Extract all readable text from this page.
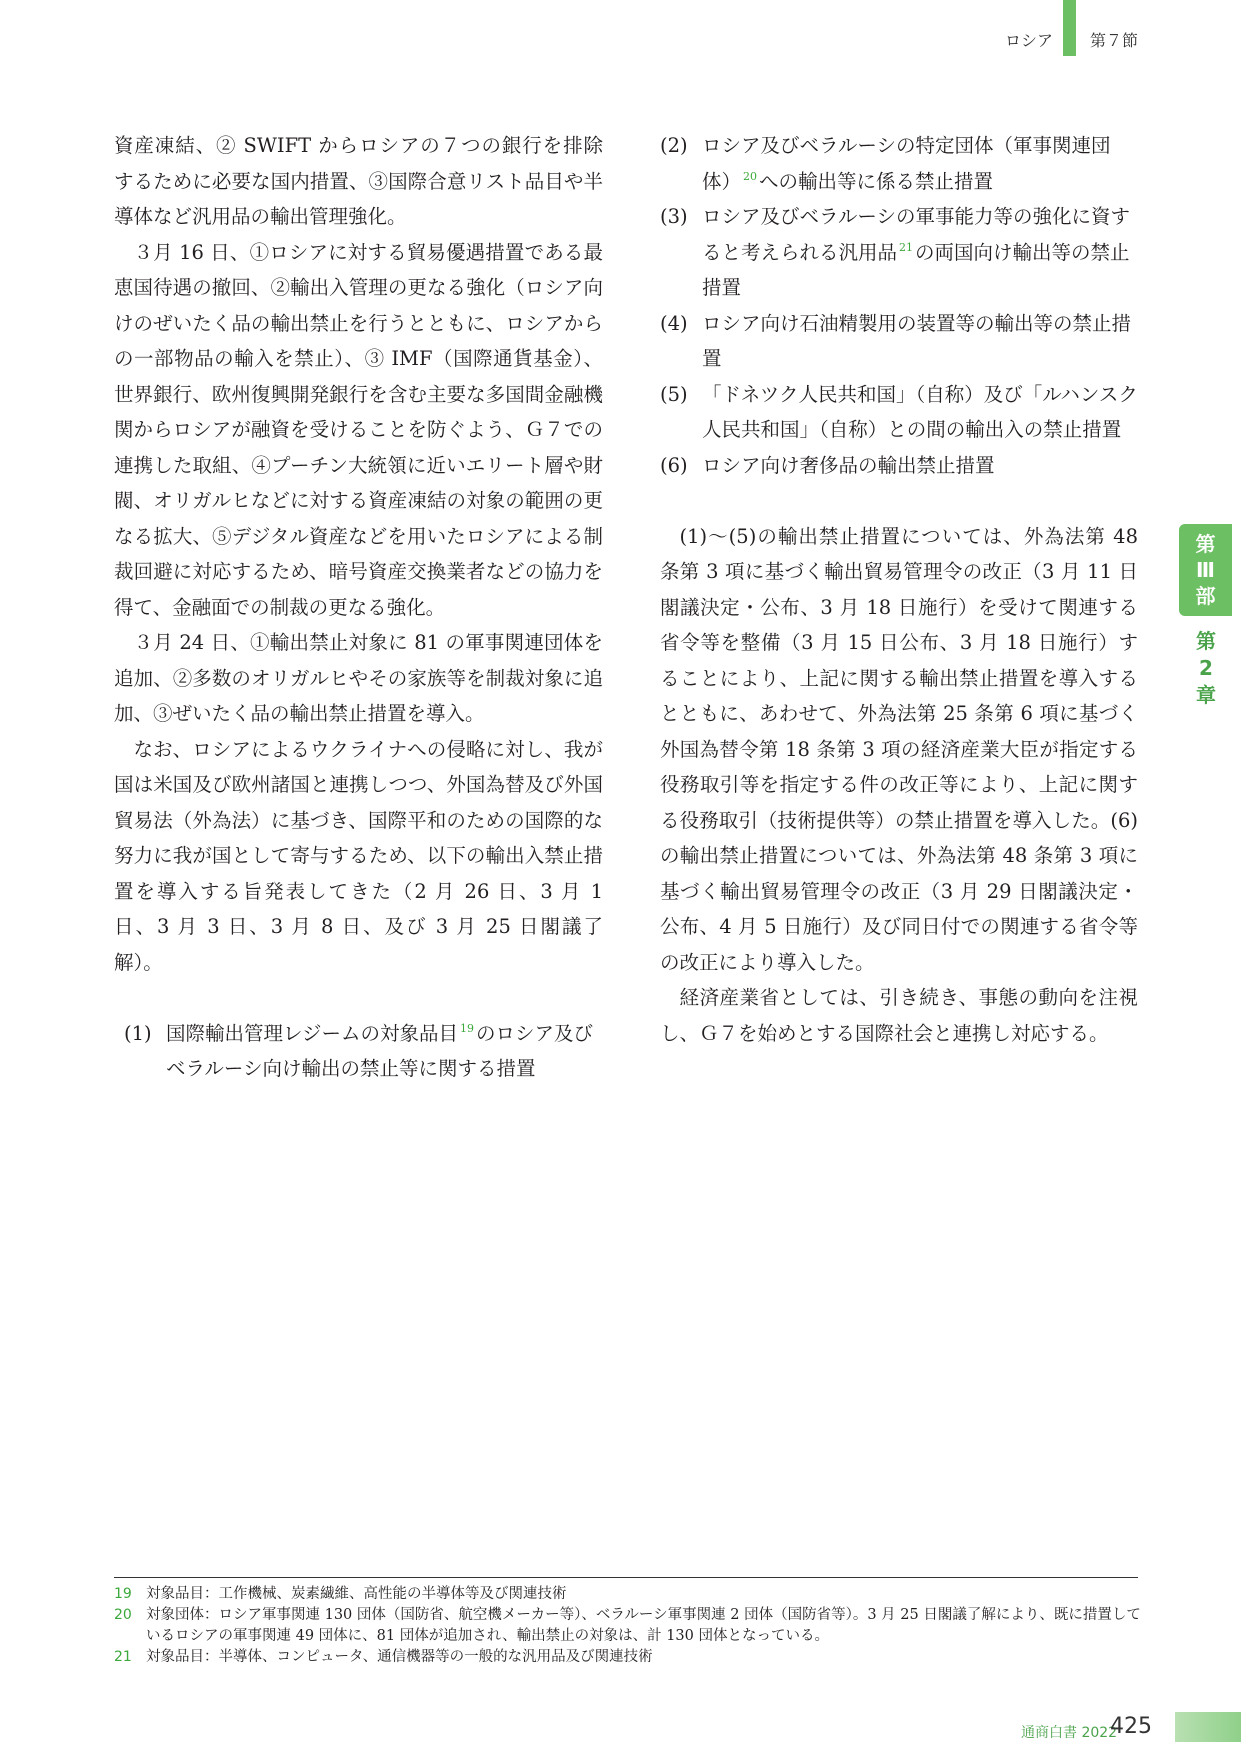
ロシア 第７節

資産凍結、② SWIFT からロシアの７つの銀行を排除するために必要な国内措置、③国際合意リスト品目や半導体など汎用品の輸出管理強化。

３月 16 日、①ロシアに対する貿易優遇措置である最恵国待遇の撤回、②輸出入管理の更なる強化（ロシア向けのぜいたく品の輸出禁止を行うとともに、ロシアからの一部物品の輸入を禁止）、③ IMF（国際通貨基金）、世界銀行、欧州復興開発銀行を含む主要な多国間金融機関からロシアが融資を受けることを防ぐよう、Ｇ７での連携した取組、④プーチン大統領に近いエリート層や財閥、オリガルヒなどに対する資産凍結の対象の範囲の更なる拡大、⑤デジタル資産などを用いたロシアによる制裁回避に対応するため、暗号資産交換業者などの協力を得て、金融面での制裁の更なる強化。

３月 24 日、①輸出禁止対象に 81 の軍事関連団体を追加、②多数のオリガルヒやその家族等を制裁対象に追加、③ぜいたく品の輸出禁止措置を導入。

なお、ロシアによるウクライナへの侵略に対し、我が国は米国及び欧州諸国と連携しつつ、外国為替及び外国貿易法（外為法）に基づき、国際平和のための国際的な努力に我が国として寄与するため、以下の輸出入禁止措置を導入する旨発表してきた（2 月 26 日、3 月 1 日、3 月 3 日、3 月 8 日、及び 3 月 25 日閣議了解）。

(1) 国際輸出管理レジームの対象品目 $^{19}$ のロシア及びベラルーシ向け輸出の禁止等に関する措置
(2) ロシア及びベラルーシの特定団体（軍事関連団体） $^{20}$ への輸出等に係る禁止措置
(3) ロシア及びベラルーシの軍事能力等の強化に資すると考えられる汎用品 $^{21}$ の両国向け輸出等の禁止措置
(4) ロシア向け石油精製用の装置等の輸出等の禁止措置
(5) 「ドネツク人民共和国」（自称）及び「ルハンスク人民共和国」（自称）との間の輸出入の禁止措置
(6) ロシア向け奢侈品の輸出禁止措置

(1)～(5)の輸出禁止措置については、外為法第 48 条第 3 項に基づく輸出貿易管理令の改正（3 月 11 日閣議決定・公布、3 月 18 日施行）を受けて関連する省令等を整備（3 月 15 日公布、3 月 18 日施行）することにより、上記に関する輸出禁止措置を導入するとともに、あわせて、外為法第 25 条第 6 項に基づく外国為替令第 18 条第 3 項の経済産業大臣が指定する役務取引等を指定する件の改正等により、上記に関する役務取引（技術提供等）の禁止措置を導入した。(6)の輸出禁止措置については、外為法第 48 条第 3 項に基づく輸出貿易管理令の改正（3 月 29 日閣議決定・公布、4 月 5 日施行）及び同日付での関連する省令等の改正により導入した。

経済産業省としては、引き続き、事態の動向を注視し、Ｇ７を始めとする国際社会と連携し対応する。

第
Ⅲ
部
第
2
章
19 対象品目：工作機械、炭素繊維、高性能の半導体等及び関連技術
20 対象団体：ロシア軍事関連 130 団体（国防省、航空機メーカー等）、ベラルーシ軍事関連 2 団体（国防省等）。3 月 25 日閣議了解により、既に措置しているロシアの軍事関連 49 団体に、81 団体が追加され、輸出禁止の対象は、計 130 団体となっている。
21 対象品目：半導体、コンピュータ、通信機器等の一般的な汎用品及び関連技術
通商白書 2022
425
